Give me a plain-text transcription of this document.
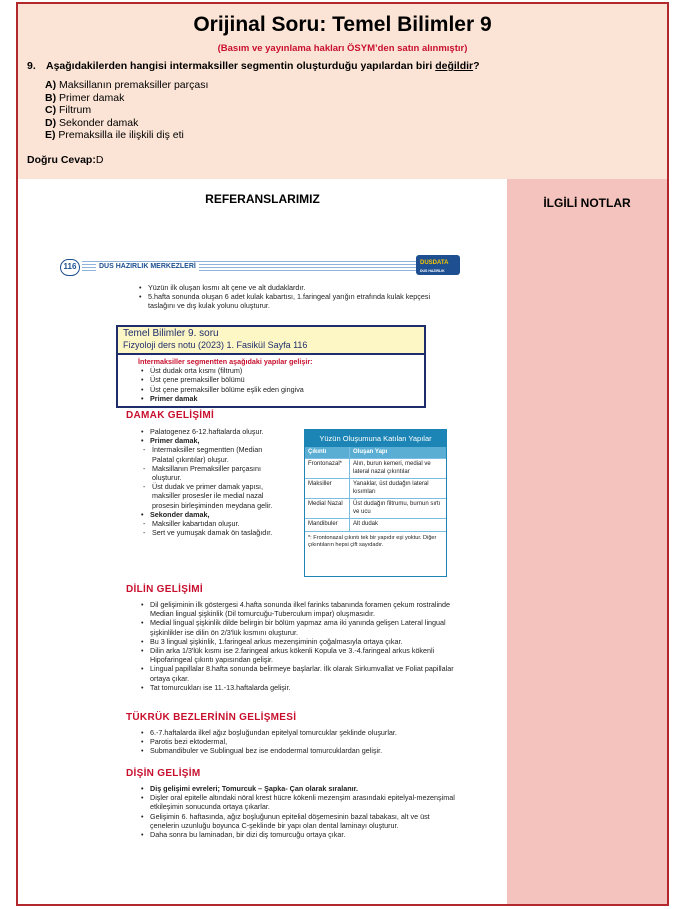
Orijinal Soru: Temel Bilimler 9
(Basım ve yayınlama hakları ÖSYM’den satın alınmıştır)
9. Aşağıdakilerden hangisi intermaksiller segmentin oluşturduğu yapılardan biri değildir?
A) Maksillanın premaksiller parçası
B) Primer damak
C) Filtrum
D) Sekonder damak
E) Premaksilla ile ilişkili diş eti
Doğru Cevap:D
REFERANSLARIMIZ
116	DUS HAZIRLIK MERKEZLERİ	DUSDATA
DUS HAZIRLIK MERKEZLERİ
• Yüzün ilk oluşan kısmı alt çene ve alt dudaklardır.
• 5.hafta sonunda oluşan 6 adet kulak kabartısı, 1.faringeal yarığın etrafında kulak kepçesi taslağını ve dış kulak yolunu oluşturur.
Temel Bilimler 9. soru
Fizyoloji ders notu (2023) 1. Fasikül Sayfa 116
İntermaksiller segmentten aşağıdaki yapılar gelişir:
• Üst dudak orta kısmı (filtrum)
• Üst çene premaksiller bölümü
• Üst çene premaksiller bölüme eşlik eden gingiva
• Primer damak
DAMAK GELİŞİMİ
• Palatogenez 6-12.haftalarda oluşur.
• Primer damak,
- İntermaksiller segmentten (Median Palatal çıkıntılar) oluşur.
- Maksillanın Premaksiller parçasını oluşturur.
- Üst dudak ve primer damak yapısı, maksiller prosesler ile medial nazal prosesin birleşiminden meydana gelir.
• Sekonder damak,
- Maksiller kabartıdan oluşur.
- Sert ve yumuşak damak ön taslağıdır.
Yüzün Oluşumuna Katılan Yapılar
Çıkıntı	Oluşan Yapı
Frontonazal*	Alın, burun kemeri, medial ve lateral nazal çıkıntılar
Maksiller	Yanaklar, üst dudağın lateral kısımları
Medial Nazal	Üst dudağın filtrumu, burnun sırtı ve ucu
Mandibuler	Alt dudak
*: Frontonazal çıkıntı tek bir yapıdır eşi yoktur. Diğer çıkıntıların hepsi çift sayıdadır.
DİLİN GELİŞİMİ
• Dil gelişiminin ilk göstergesi 4.hafta sonunda ilkel farinks tabanında foramen çekum rostralinde Median lingual şişkinlik (Dil tomurcuğu-Tuberculum impar) oluşmasıdır.
• Medial lingual şişkinlik dilde belirgin bir bölüm yapmaz ama iki yanında gelişen Lateral lingual şişkinlikler ise dilin ön 2/3'lük kısmını oluşturur.
• Bu 3 lingual şişkinlik, 1.faringeal arkus mezenşiminin çoğalmasıyla ortaya çıkar.
• Dilin arka 1/3'lük kısmı ise 2.faringeal arkus kökenli Kopula ve 3.-4.faringeal arkus kökenli Hipofaringeal çıkıntı yapısından gelişir.
• Lingual papillalar 8.hafta sonunda belirmeye başlarlar. İlk olarak Sirkumvallat ve Foliat papillalar ortaya çıkar.
• Tat tomurcukları ise 11.-13.haftalarda gelişir.
TÜKRÜK BEZLERİNİN GELİŞMESİ
• 6.-7.haftalarda ilkel ağız boşluğundan epitelyal tomurcuklar şeklinde oluşurlar.
• Parotis bezi ektodermal,
• Submandibuler ve Sublingual bez ise endodermal tomurcuklardan gelişir.
DİŞİN GELİŞİM
• Diş gelişimi evreleri; Tomurcuk – Şapka- Çan olarak sıralanır.
• Dişler oral epitelle altındaki nöral krest hücre kökenli mezenşim arasındaki epitelyal-mezenşimal etkileşimin sonucunda ortaya çıkarlar.
• Gelişimin 6. haftasında, ağız boşluğunun epitelial döşemesinin bazal tabakası, alt ve üst çenelerin uzunluğu boyunca C-şeklinde bir yapı olan dental laminayı oluşturur.
• Daha sonra bu laminadan, bir dizi diş tomurcuğu ortaya çıkar.
İLGİLİ NOTLAR
